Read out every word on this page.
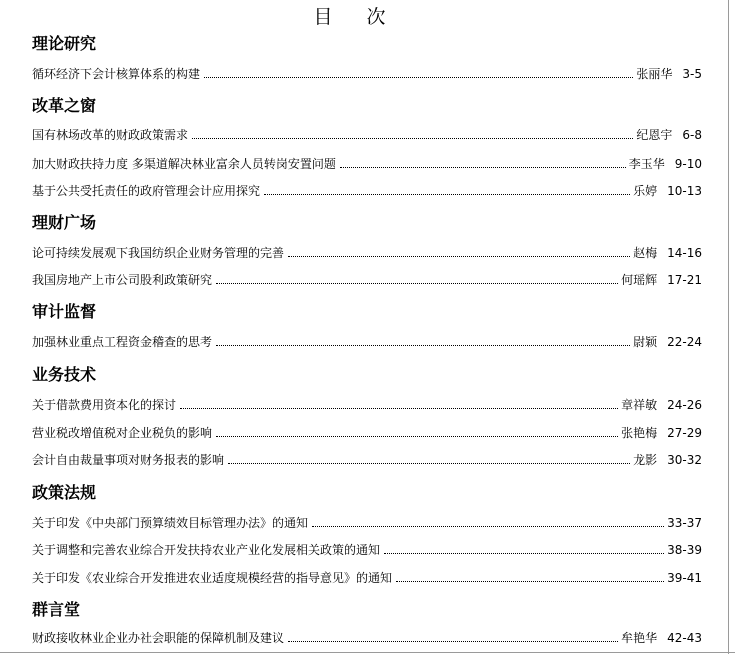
目 次
理论研究
循环经济下会计核算体系的构建	张丽华 3-5
改革之窗
国有林场改革的财政政策需求	纪恩宇 6-8
加大财政扶持力度 多渠道解决林业富余人员转岗安置问题	李玉华 9-10
基于公共受托责任的政府管理会计应用探究	乐婷 10-13
理财广场
论可持续发展观下我国纺织企业财务管理的完善	赵梅 14-16
我国房地产上市公司股利政策研究	何瑶辉 17-21
审计监督
加强林业重点工程资金稽查的思考	尉颖 22-24
业务技术
关于借款费用资本化的探讨	章祥敏 24-26
营业税改增值税对企业税负的影响	张艳梅 27-29
会计自由裁量事项对财务报表的影响	龙影 30-32
政策法规
关于印发《中央部门预算绩效目标管理办法》的通知	33-37
关于调整和完善农业综合开发扶持农业产业化发展相关政策的通知	38-39
关于印发《农业综合开发推进农业适度规模经营的指导意见》的通知	39-41
群言堂
财政接收林业企业办社会职能的保障机制及建议	牟艳华 42-43
